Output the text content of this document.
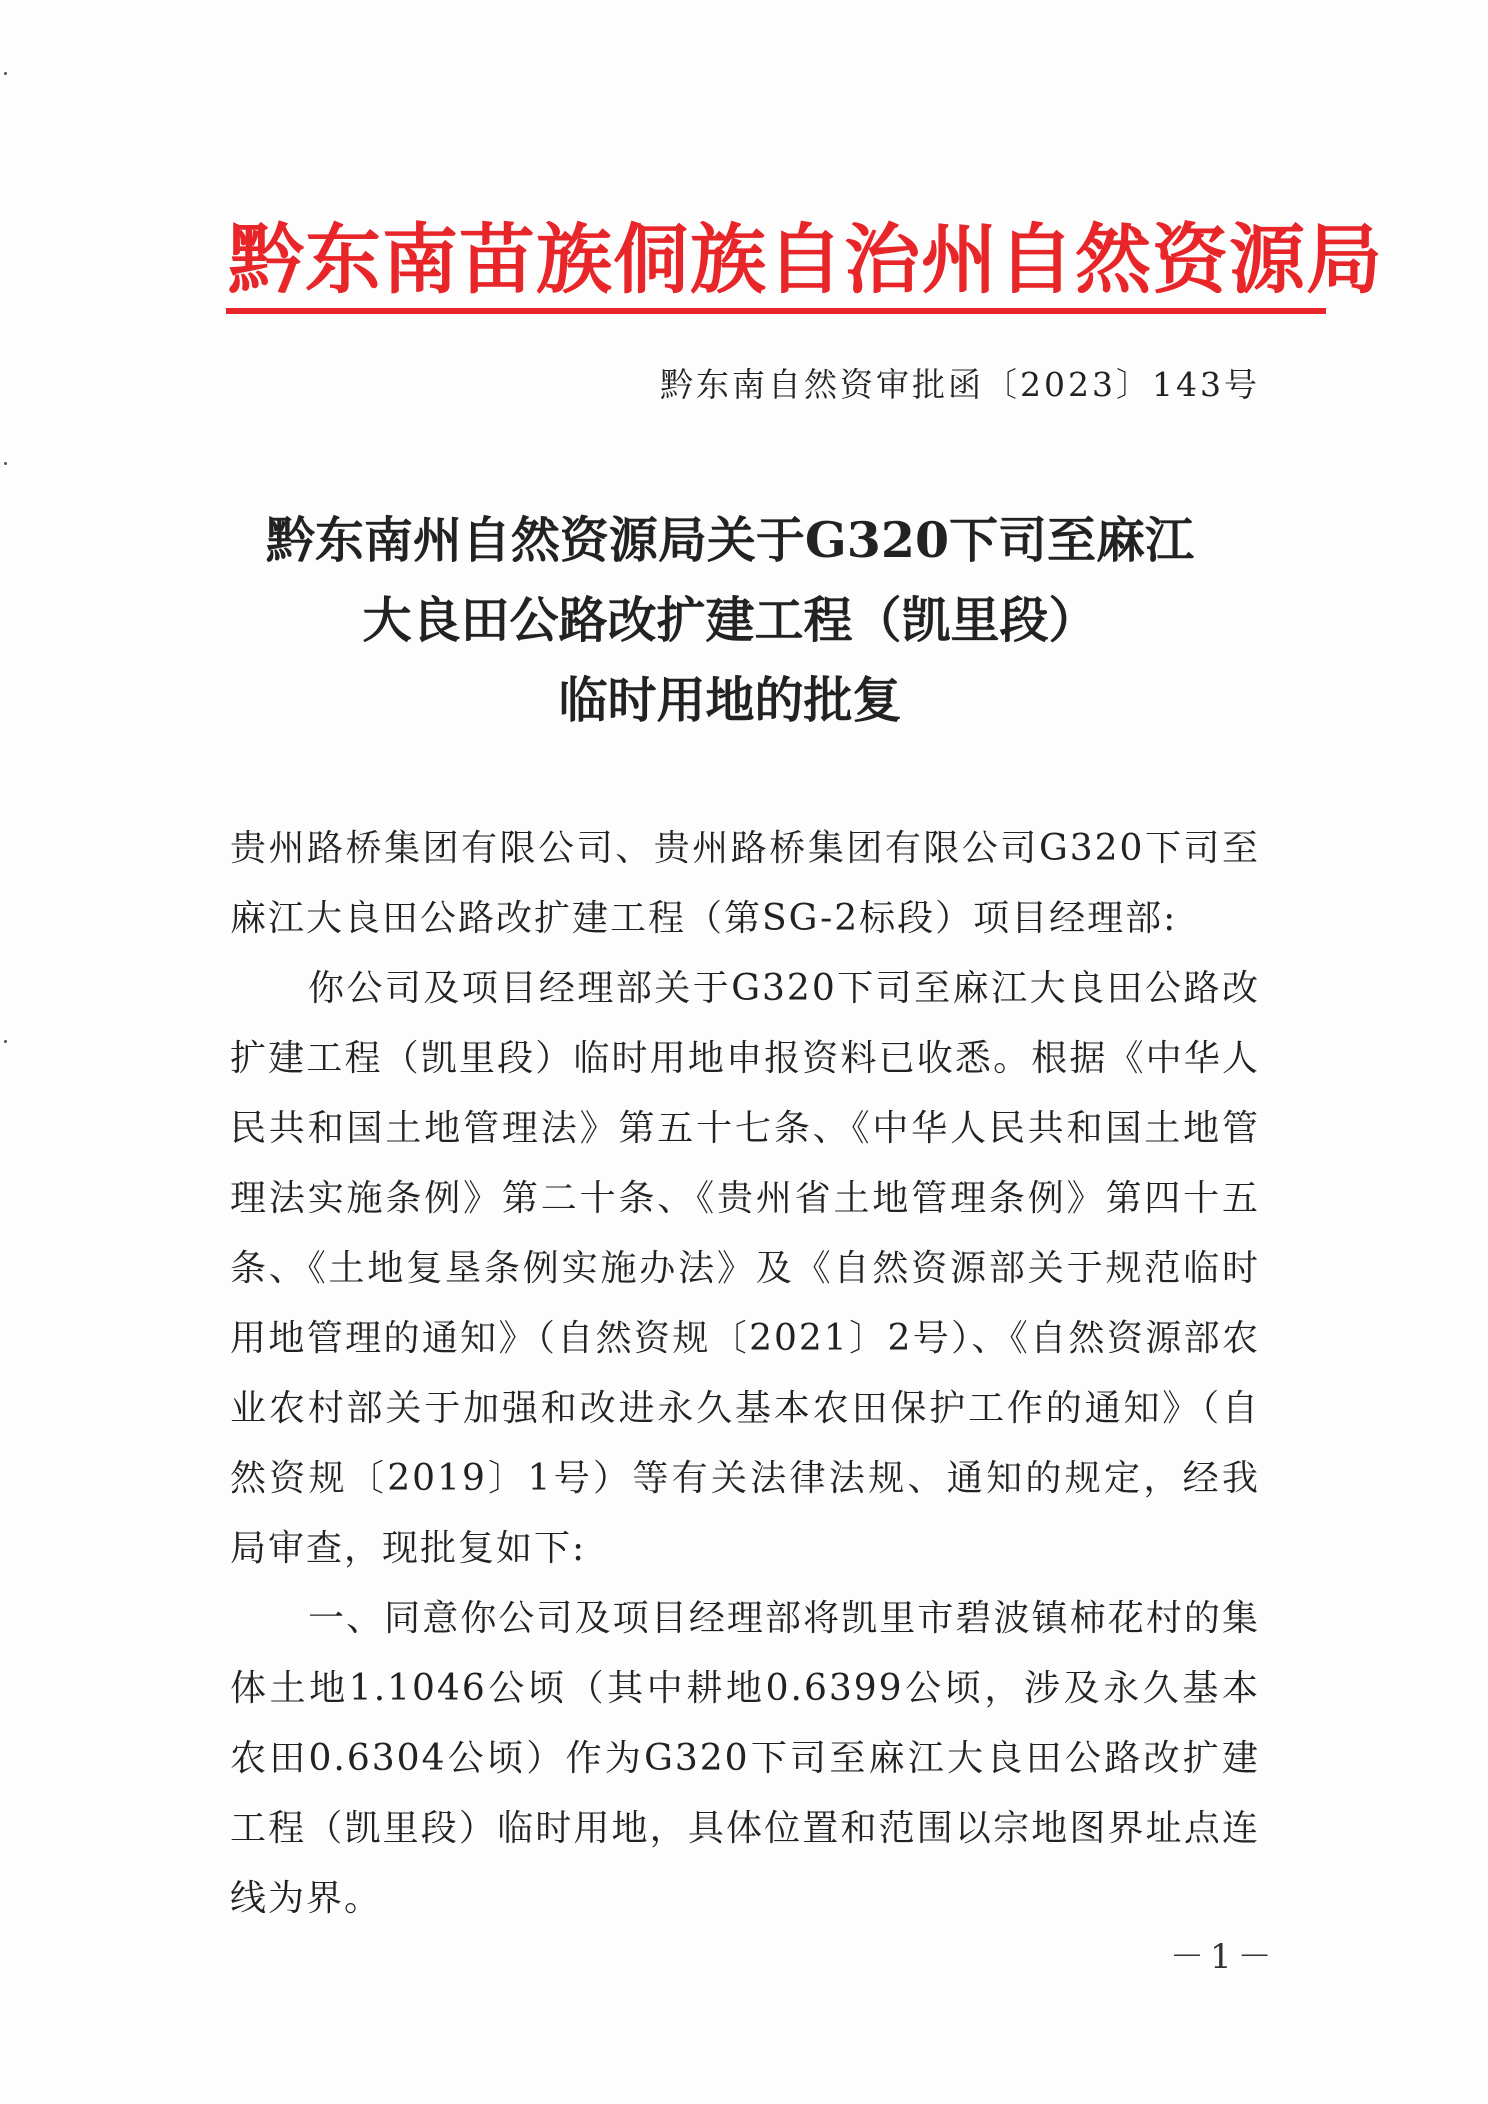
黔东南苗族侗族自治州自然资源局
黔东南自然资审批函〔2023〕143号
黔东南州自然资源局关于G320下司至麻江
大良田公路改扩建工程（凯里段）
临时用地的批复

贵州路桥集团有限公司、贵州路桥集团有限公司G320下司至麻江大良田公路改扩建工程（第SG-2标段）项目经理部:

你公司及项目经理部关于G320下司至麻江大良田公路改扩建工程（凯里段）临时用地申报资料已收悉。根据《中华人民共和国土地管理法》第五十七条、《中华人民共和国土地管理法实施条例》第二十条、《贵州省土地管理条例》第四十五条、《土地复垦条例实施办法》及《自然资源部关于规范临时用地管理的通知》（自然资规〔2021〕2号）、《自然资源部农业农村部关于加强和改进永久基本农田保护工作的通知》（自然资规〔2019〕1号）等有关法律法规、通知的规定，经我局审查，现批复如下:

一、同意你公司及项目经理部将凯里市碧波镇柿花村的集体土地1.1046公顷（其中耕地0.6399公顷，涉及永久基本农田0.6304公顷）作为G320下司至麻江大良田公路改扩建工程（凯里段）临时用地，具体位置和范围以宗地图界址点连线为界。

－1－
